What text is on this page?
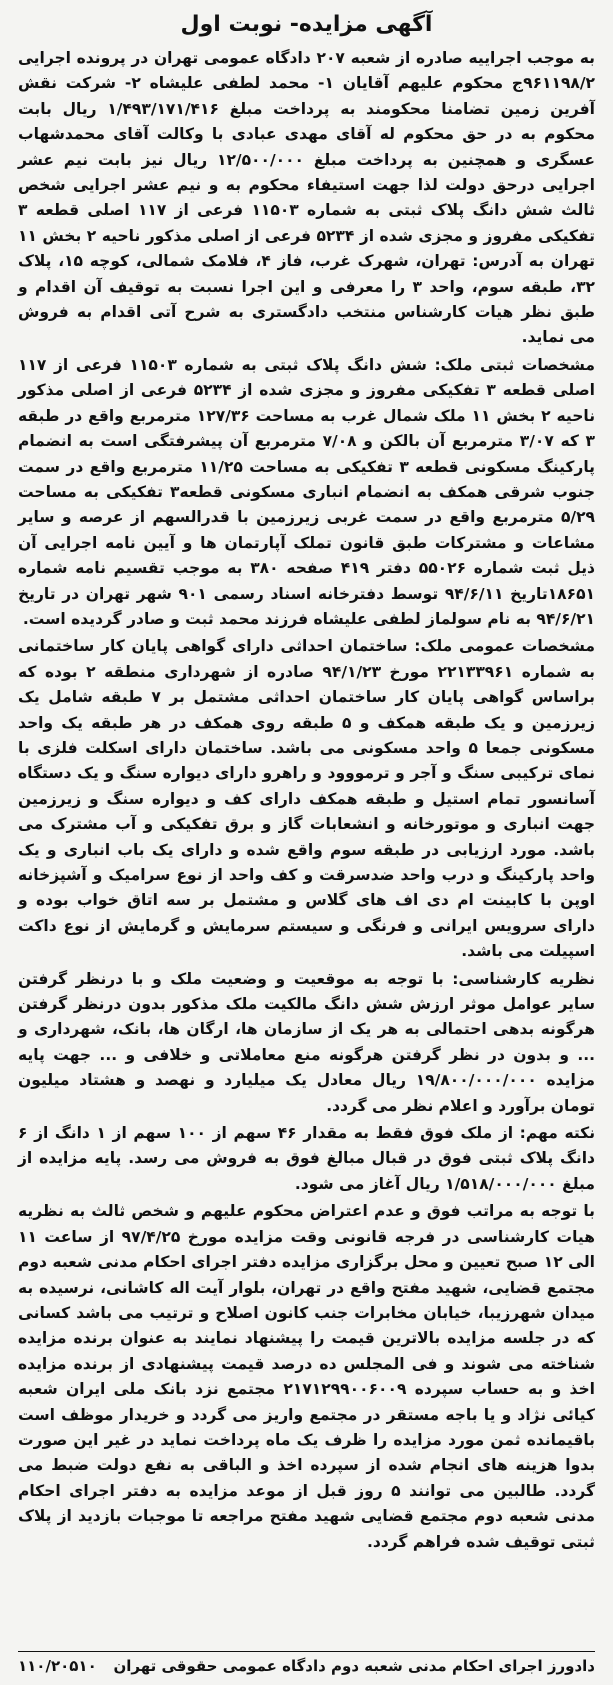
آگهی مزایده- نوبت اول

به موجب اجراییه صادره از شعبه ۲۰۷ دادگاه عمومی تهران در پرونده اجرایی ۹۶۱۱۹۸/۲ج محکوم علیهم آقایان ۱- محمد لطفی علیشاه ۲- شرکت نقش آفرین زمین تضامنا محکومند به پرداخت مبلغ ۱/۴۹۳/۱۷۱/۴۱۶ ریال بابت محکوم به در حق محکوم له آقای مهدی عبادی با وکالت آقای محمدشهاب عسگری و همچنین به پرداخت مبلغ ۱۲/۵۰۰/۰۰۰ ریال نیز بابت نیم عشر اجرایی درحق دولت لذا جهت استیفاء محکوم به و نیم عشر اجرایی شخص ثالث شش دانگ پلاک ثبتی به شماره ۱۱۵۰۳ فرعی از ۱۱۷ اصلی قطعه ۳ تفکیکی مفروز و مجزی شده از ۵۲۳۴ فرعی از اصلی مذکور ناحیه ۲ بخش ۱۱ تهران به آدرس: تهران، شهرک غرب، فاز ۴، فلامک شمالی، کوچه ۱۵، پلاک ۳۲، طبقه سوم، واحد ۳ را معرفی و این اجرا نسبت به توقیف آن اقدام و طبق نظر هیات کارشناس منتخب دادگستری به شرح آتی اقدام به فروش می نماید.

مشخصات ثبتی ملک: شش دانگ پلاک ثبتی به شماره ۱۱۵۰۳ فرعی از ۱۱۷ اصلی قطعه ۳ تفکیکی مفروز و مجزی شده از ۵۲۳۴ فرعی از اصلی مذکور ناحیه ۲ بخش ۱۱ ملک شمال غرب به مساحت ۱۲۷/۳۶ مترمربع واقع در طبقه ۳ که ۳/۰۷ مترمربع آن بالکن و ۷/۰۸ مترمربع آن پیشرفتگی است به انضمام پارکینگ مسکونی قطعه ۳ تفکیکی به مساحت ۱۱/۲۵ مترمربع واقع در سمت جنوب شرقی همکف به انضمام انباری مسکونی قطعه۳ تفکیکی به مساحت ۵/۲۹ مترمربع واقع در سمت غربی زیرزمین با قدرالسهم از عرصه و سایر مشاعات و مشترکات طبق قانون تملک آپارتمان ها و آیین نامه اجرایی آن ذیل ثبت شماره ۵۵۰۲۶ دفتر ۴۱۹ صفحه ۳۸۰ به موجب تقسیم نامه شماره ۱۸۶۵۱تاریخ ۹۴/۶/۱۱ توسط دفترخانه اسناد رسمی ۹۰۱ شهر تهران در تاریخ ۹۴/۶/۲۱ به نام سولماز لطفی علیشاه فرزند محمد ثبت و صادر گردیده است.

مشخصات عمومی ملک: ساختمان احداثی دارای گواهی پایان کار ساختمانی به شماره ۲۲۱۳۳۹۶۱ مورخ ۹۴/۱/۲۳ صادره از شهرداری منطقه ۲ بوده که براساس گواهی پایان کار ساختمان احداثی مشتمل بر ۷ طبقه شامل یک زیرزمین و یک طبقه همکف و ۵ طبقه روی همکف در هر طبقه یک واحد مسکونی جمعا ۵ واحد مسکونی می باشد. ساختمان دارای اسکلت فلزی با نمای ترکیبی سنگ و آجر و ترمووود و راهرو دارای دیواره سنگ و یک دستگاه آسانسور تمام استیل و طبقه همکف دارای کف و دیواره سنگ و زیرزمین جهت انباری و موتورخانه و انشعابات گاز و برق تفکیکی و آب مشترک می باشد. مورد ارزیابی در طبقه سوم واقع شده و دارای یک باب انباری و یک واحد پارکینگ و درب واحد ضدسرقت و کف واحد از نوع سرامیک و آشپزخانه اوپن با کابینت ام دی اف های گلاس و مشتمل بر سه اتاق خواب بوده و دارای سرویس ایرانی و فرنگی و سیستم سرمایش و گرمایش از نوع داکت اسپیلت می باشد.

نظریه کارشناسی: با توجه به موقعیت و وضعیت ملک و با درنظر گرفتن سایر عوامل موثر ارزش شش دانگ مالکیت ملک مذکور بدون درنظر گرفتن هرگونه بدهی احتمالی به هر یک از سازمان ها، ارگان ها، بانک، شهرداری و ... و بدون در نظر گرفتن هرگونه منع معاملاتی و خلافی و ... جهت پایه مزایده ۱۹/۸۰۰/۰۰۰/۰۰۰ ریال معادل یک میلیارد و نهصد و هشتاد میلیون تومان برآورد و اعلام نظر می گردد.

نکته مهم: از ملک فوق فقط به مقدار ۴۶ سهم از ۱۰۰ سهم از ۱ دانگ از ۶ دانگ پلاک ثبتی فوق در قبال مبالغ فوق به فروش می رسد. پایه مزایده از مبلغ ۱/۵۱۸/۰۰۰/۰۰۰ ریال آغاز می شود.

با توجه به مراتب فوق و عدم اعتراض محکوم علیهم و شخص ثالث به نظریه هیات کارشناسی در فرجه قانونی وقت مزایده مورخ ۹۷/۴/۲۵ از ساعت ۱۱ الی ۱۲ صبح تعیین و محل برگزاری مزایده دفتر اجرای احکام مدنی شعبه دوم مجتمع قضایی، شهید مفتح واقع در تهران، بلوار آیت اله کاشانی، نرسیده به میدان شهرزیبا، خیابان مخابرات جنب کانون اصلاح و ترتیب می باشد کسانی که در جلسه مزایده بالاترین قیمت را پیشنهاد نمایند به عنوان برنده مزایده شناخته می شوند و فی المجلس ده درصد قیمت پیشنهادی از برنده مزایده اخذ و به حساب سپرده ۲۱۷۱۲۹۹۰۰۶۰۰۹ مجتمع نزد بانک ملی ایران شعبه کیائی نژاد و یا باجه مستقر در مجتمع واریز می گردد و خریدار موظف است باقیمانده ثمن مورد مزایده را ظرف یک ماه پرداخت نماید در غیر این صورت بدوا هزینه های انجام شده از سپرده اخذ و الباقی به نفع دولت ضبط می گردد. طالبین می توانند ۵ روز قبل از موعد مزایده به دفتر اجرای احکام مدنی شعبه دوم مجتمع قضایی شهید مفتح مراجعه تا موجبات بازدید از پلاک ثبتی توقیف شده فراهم گردد.

دادورز اجرای احکام مدنی شعبه دوم دادگاه عمومی حقوقی تهران
۱۱۰/۲۰۵۱۰
